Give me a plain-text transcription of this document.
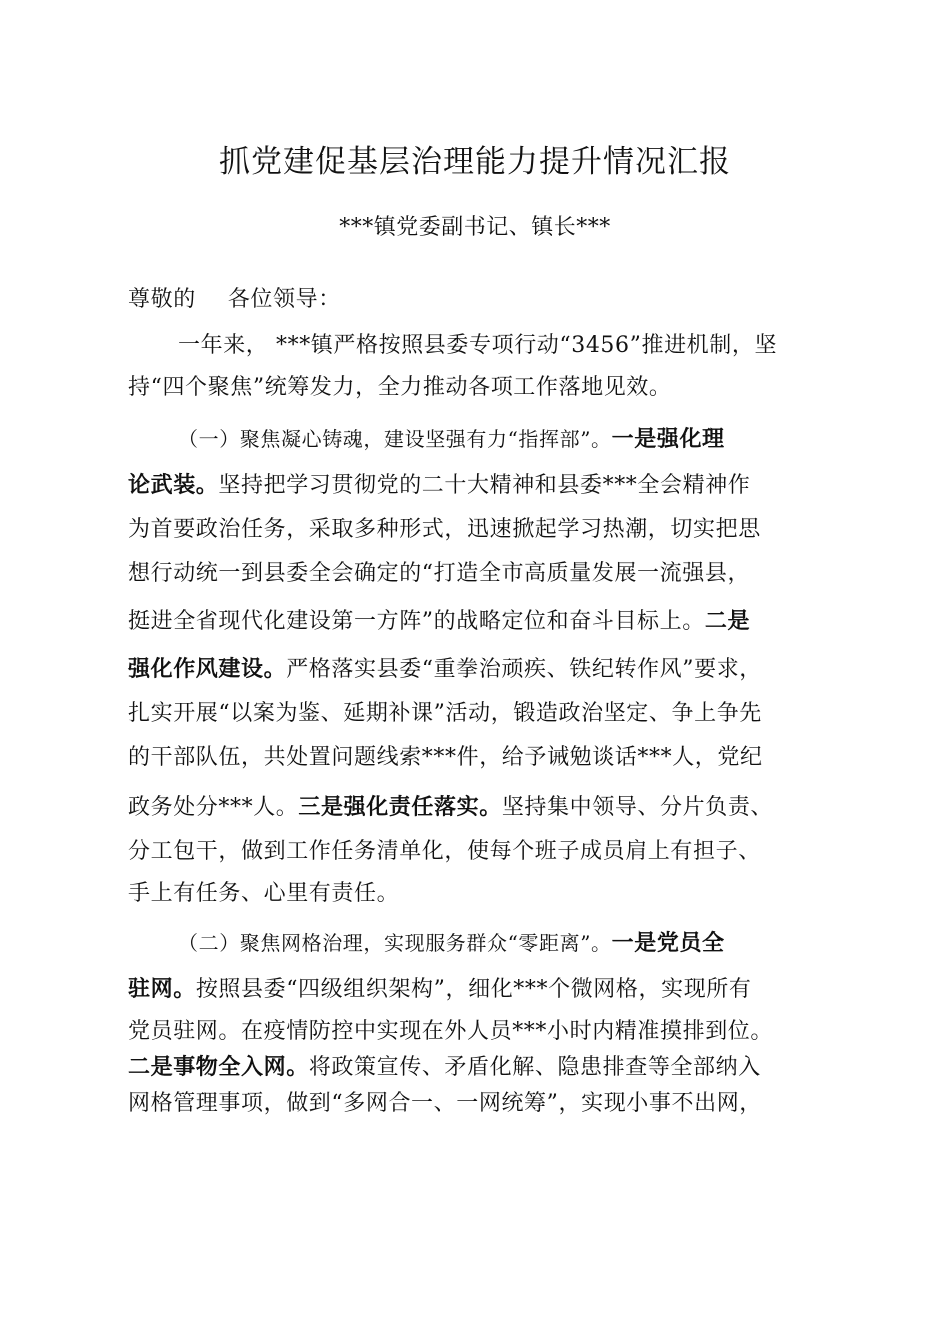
抓党建促基层治理能力提升情况汇报
***镇党委副书记、镇长***
尊敬的 各位领导：
一年来， ***镇严格按照县委专项行动“3456”推进机制，坚
持“四个聚焦”统筹发力，全力推动各项工作落地见效。
（一）聚焦凝心铸魂，建设坚强有力“指挥部”。一是强化理
论武装。坚持把学习贯彻党的二十大精神和县委***全会精神作
为首要政治任务，采取多种形式，迅速掀起学习热潮，切实把思
想行动统一到县委全会确定的“打造全市高质量发展一流强县，
挺进全省现代化建设第一方阵”的战略定位和奋斗目标上。二是
强化作风建设。严格落实县委“重拳治顽疾、铁纪转作风”要求，
扎实开展“以案为鉴、延期补课”活动，锻造政治坚定、争上争先
的干部队伍，共处置问题线索***件，给予诫勉谈话***人，党纪
政务处分***人。三是强化责任落实。坚持集中领导、分片负责、
分工包干，做到工作任务清单化，使每个班子成员肩上有担子、
手上有任务、心里有责任。
（二）聚焦网格治理，实现服务群众“零距离”。一是党员全
驻网。按照县委“四级组织架构”，细化***个微网格，实现所有
党员驻网。在疫情防控中实现在外人员***小时内精准摸排到位。
二是事物全入网。将政策宣传、矛盾化解、隐患排查等全部纳入
网格管理事项，做到“多网合一、一网统筹”，实现小事不出网，
